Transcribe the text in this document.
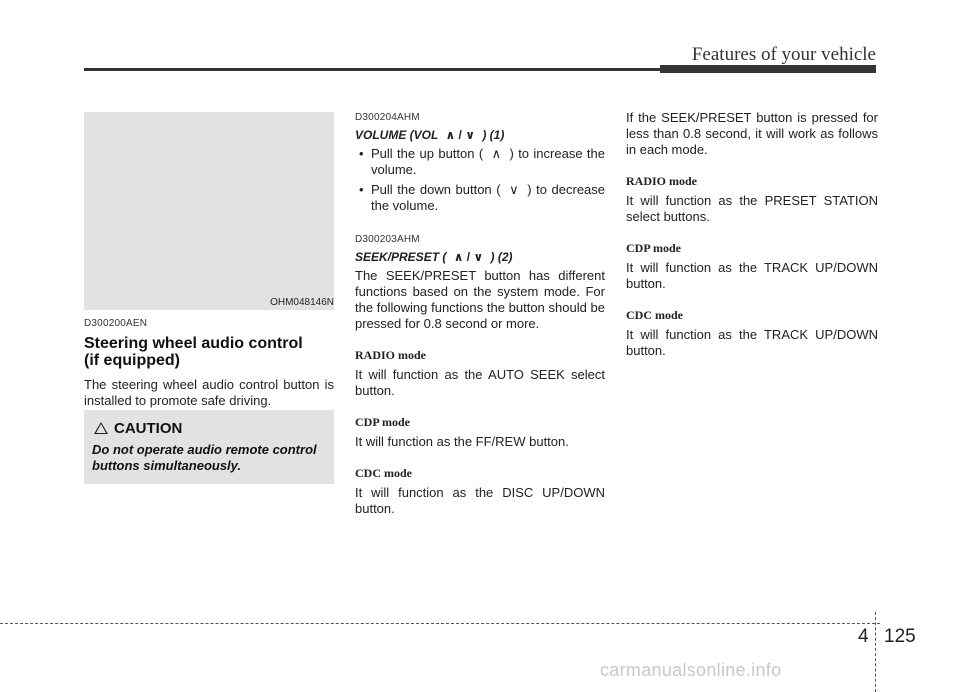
Features of your vehicle
OHM048146N
D300200AEN
Steering wheel audio control
(if equipped)
The steering wheel audio control button is installed to promote safe driving.
CAUTION
Do not operate audio remote control buttons simultaneously.
D300204AHM
VOLUME (VOL ∧ / ∨ ) (1)
• Pull the up button ( ∧ ) to increase the volume.
• Pull the down button ( ∨ ) to decrease the volume.
D300203AHM
SEEK/PRESET ( ∧ / ∨ ) (2)
The SEEK/PRESET button has different functions based on the system mode. For the following functions the button should be pressed for 0.8 second or more.
RADIO mode
It will function as the AUTO SEEK select button.
CDP mode
It will function as the FF/REW button.
CDC mode
It will function as the DISC UP/DOWN button.
If the SEEK/PRESET button is pressed for less than 0.8 second, it will work as follows in each mode.
RADIO mode
It will function as the PRESET STATION select buttons.
CDP mode
It will function as the TRACK UP/DOWN button.
CDC mode
It will function as the TRACK UP/DOWN button.
4 125
carmanualsonline.info
